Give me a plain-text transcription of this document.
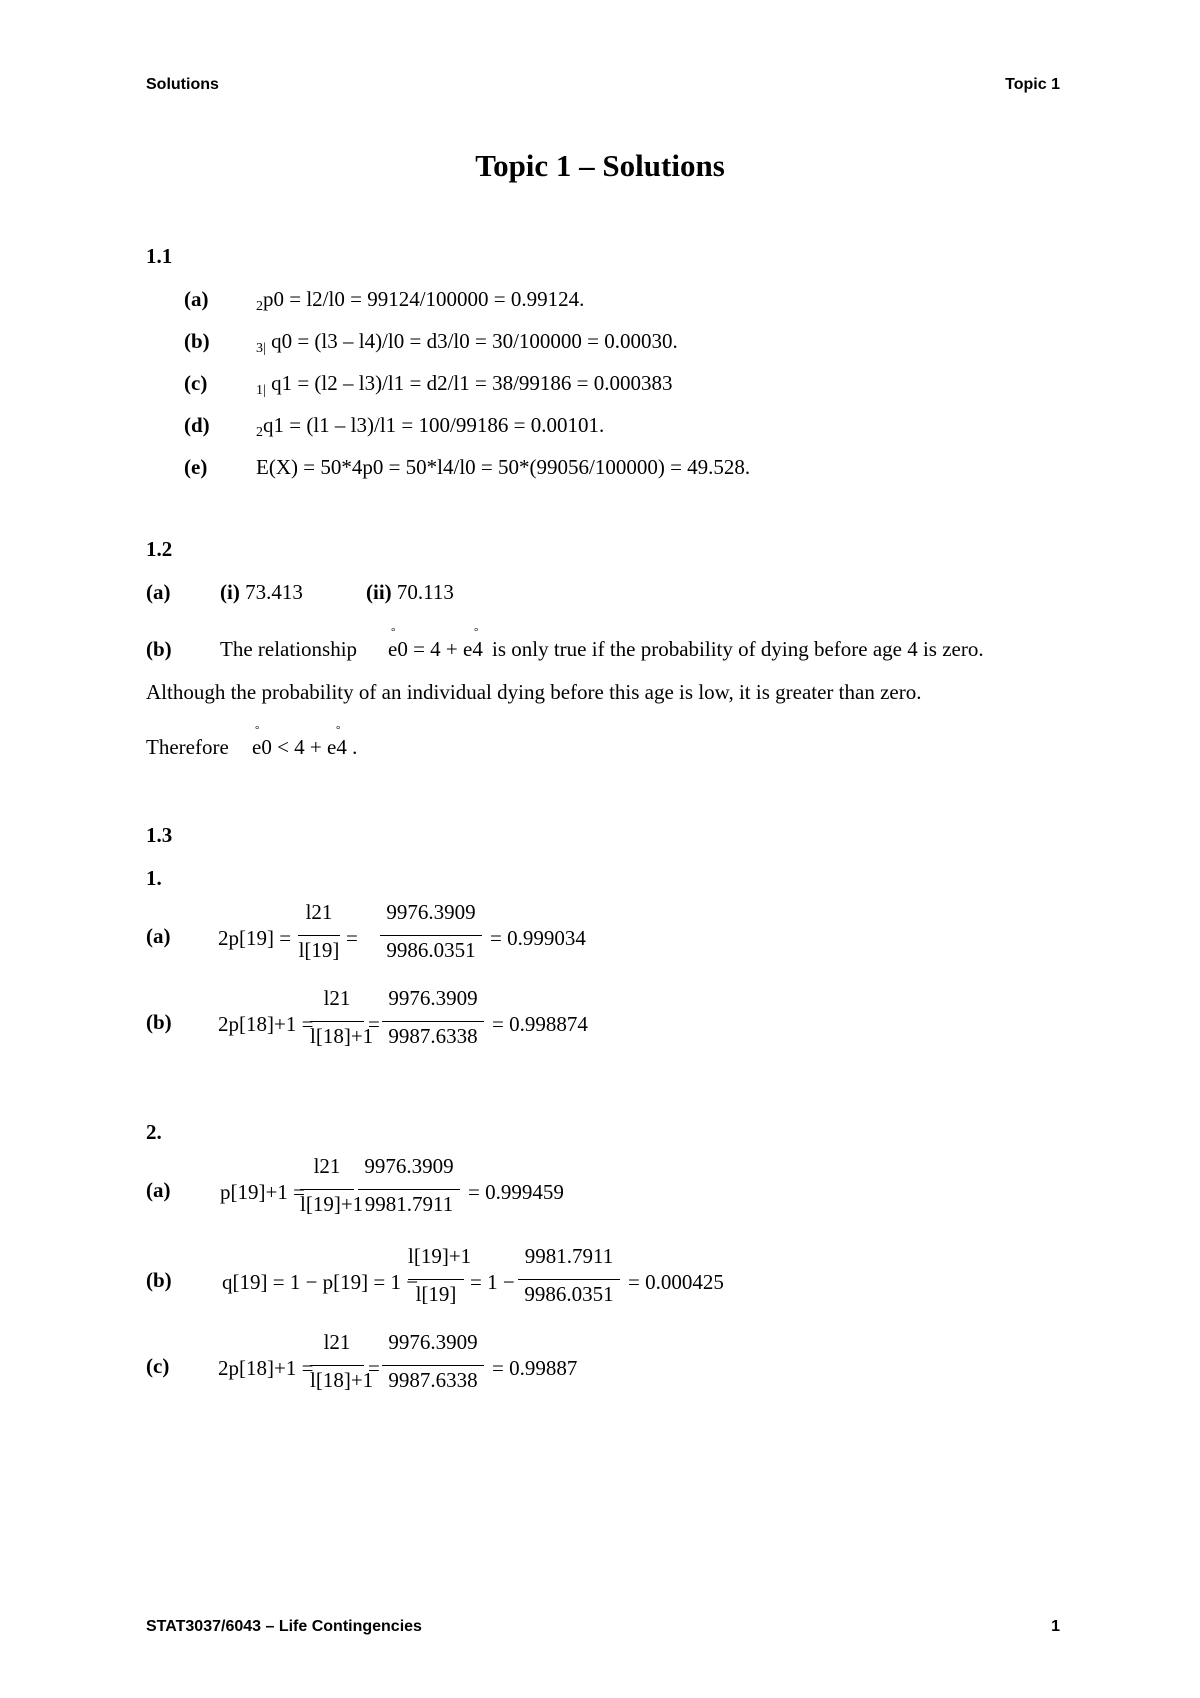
Solutions	Topic 1
Topic 1 – Solutions
1.1
(a)	2p0 = l2/l0 = 99124/100000 = 0.99124.
(b)	3| q0 = (l3 – l4)/l0 = d3/l0 = 30/100000 = 0.00030.
(c)	1| q1 = (l2 – l3)/l1 = d2/l1 = 38/99186 = 0.000383
(d)	2q1 = (l1 – l3)/l1 = 100/99186 = 0.00101.
(e) E(X) = 50*4p0 = 50*l4/l0 = 50*(99056/100000) = 49.528.
1.2
(a) (i) 73.413	(ii) 70.113
(b) The relationship e0 = 4 + e4
°	°
is only true if the probability of dying before age 4 is zero.
Although the probability of an individual dying before this age is low, it is greater than zero.
Therefore e0 < 4 + e4 .
°	°
1.3
1.
(a) 2p[19] =
l21
l[19] =
9976.3909
9986.0351 = 0.999034
(b) 2p[18]+1 =
l21
l[18]+1
=
9976.3909
9987.6338 = 0.998874
2.
(a) p[19]+1 =
l21
l[19]+1
9976.3909
9981.7911 = 0.999459
(b) q[19] = 1 − p[19] = 1 −
l[19]+1
l[19] = 1 −
9981.7911
9986.0351 = 0.000425
(c) 2p[18]+1 =
l21
l[18]+1
=
9976.3909
9987.6338 = 0.99887
STAT3037/6043 – Life Contingencies	1
